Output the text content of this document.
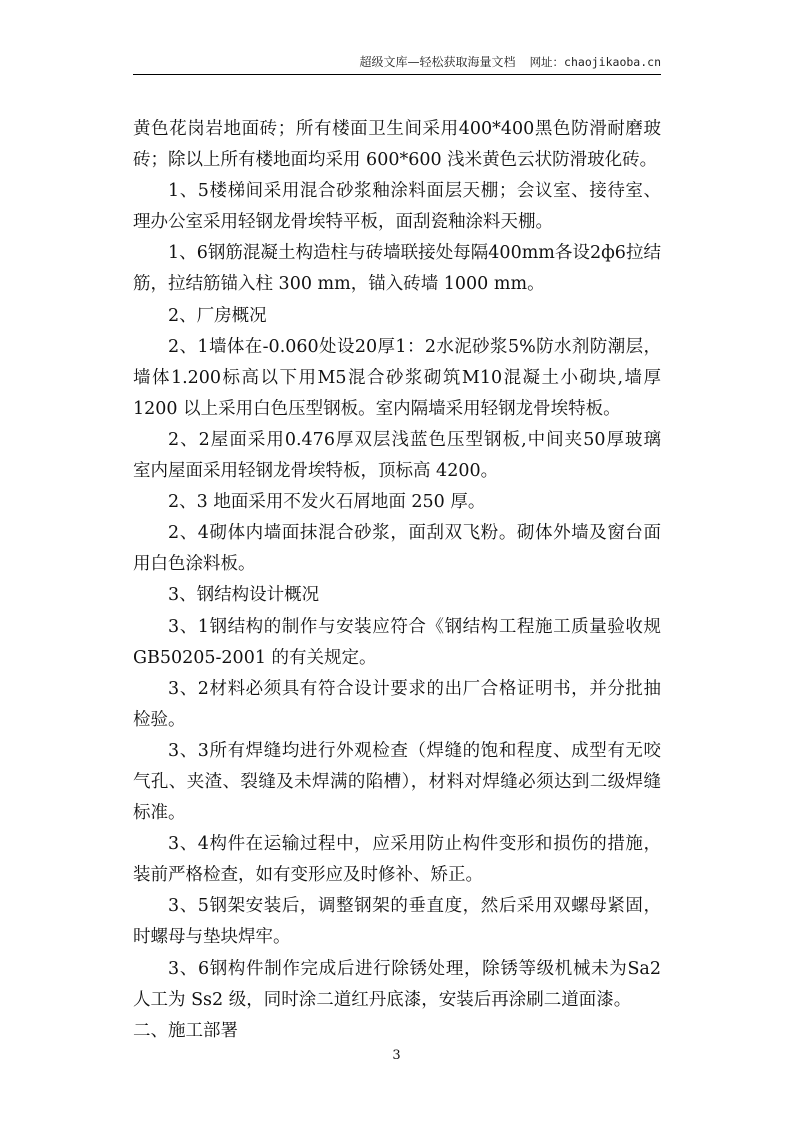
超级文库—轻松获取海量文档 网址：chaojikaoba.cn
黄色花岗岩地面砖；所有楼面卫生间采用400*400黑色防滑耐磨玻
砖；除以上所有楼地面均采用 600*600 浅米黄色云状防滑玻化砖。
1、5楼梯间采用混合砂浆釉涂料面层天棚；会议室、接待室、
理办公室采用轻钢龙骨埃特平板，面刮瓷釉涂料天棚。
1、6钢筋混凝土构造柱与砖墙联接处每隔400mm各设2ф6拉结
筋，拉结筋锚入柱 300 mm，锚入砖墙 1000 mm。
2、厂房概况
2、1墙体在-0.060处设20厚1：2水泥砂浆5%防水剂防潮层，
墙体1.200标高以下用M5混合砂浆砌筑M10混凝土小砌块,墙厚
1200 以上采用白色压型钢板。室内隔墙采用轻钢龙骨埃特板。
2、2屋面采用0.476厚双层浅蓝色压型钢板,中间夹50厚玻璃
室内屋面采用轻钢龙骨埃特板，顶标高 4200。
2、3 地面采用不发火石屑地面 250 厚。
2、4砌体内墙面抹混合砂浆，面刮双飞粉。砌体外墙及窗台面
用白色涂料板。
3、钢结构设计概况
3、1钢结构的制作与安装应符合《钢结构工程施工质量验收规
GB50205-2001 的有关规定。
3、2材料必须具有符合设计要求的出厂合格证明书，并分批抽
检验。
3、3所有焊缝均进行外观检查（焊缝的饱和程度、成型有无咬
气孔、夹渣、裂缝及未焊满的陷槽），材料对焊缝必须达到二级焊缝
标准。
3、4构件在运输过程中，应采用防止构件变形和损伤的措施，
装前严格检查，如有变形应及时修补、矫正。
3、5钢架安装后，调整钢架的垂直度，然后采用双螺母紧固，
时螺母与垫块焊牢。
3、6钢构件制作完成后进行除锈处理，除锈等级机械未为Sa2
人工为 Ss2 级，同时涂二道红丹底漆，安装后再涂刷二道面漆。
二、施工部署
3
